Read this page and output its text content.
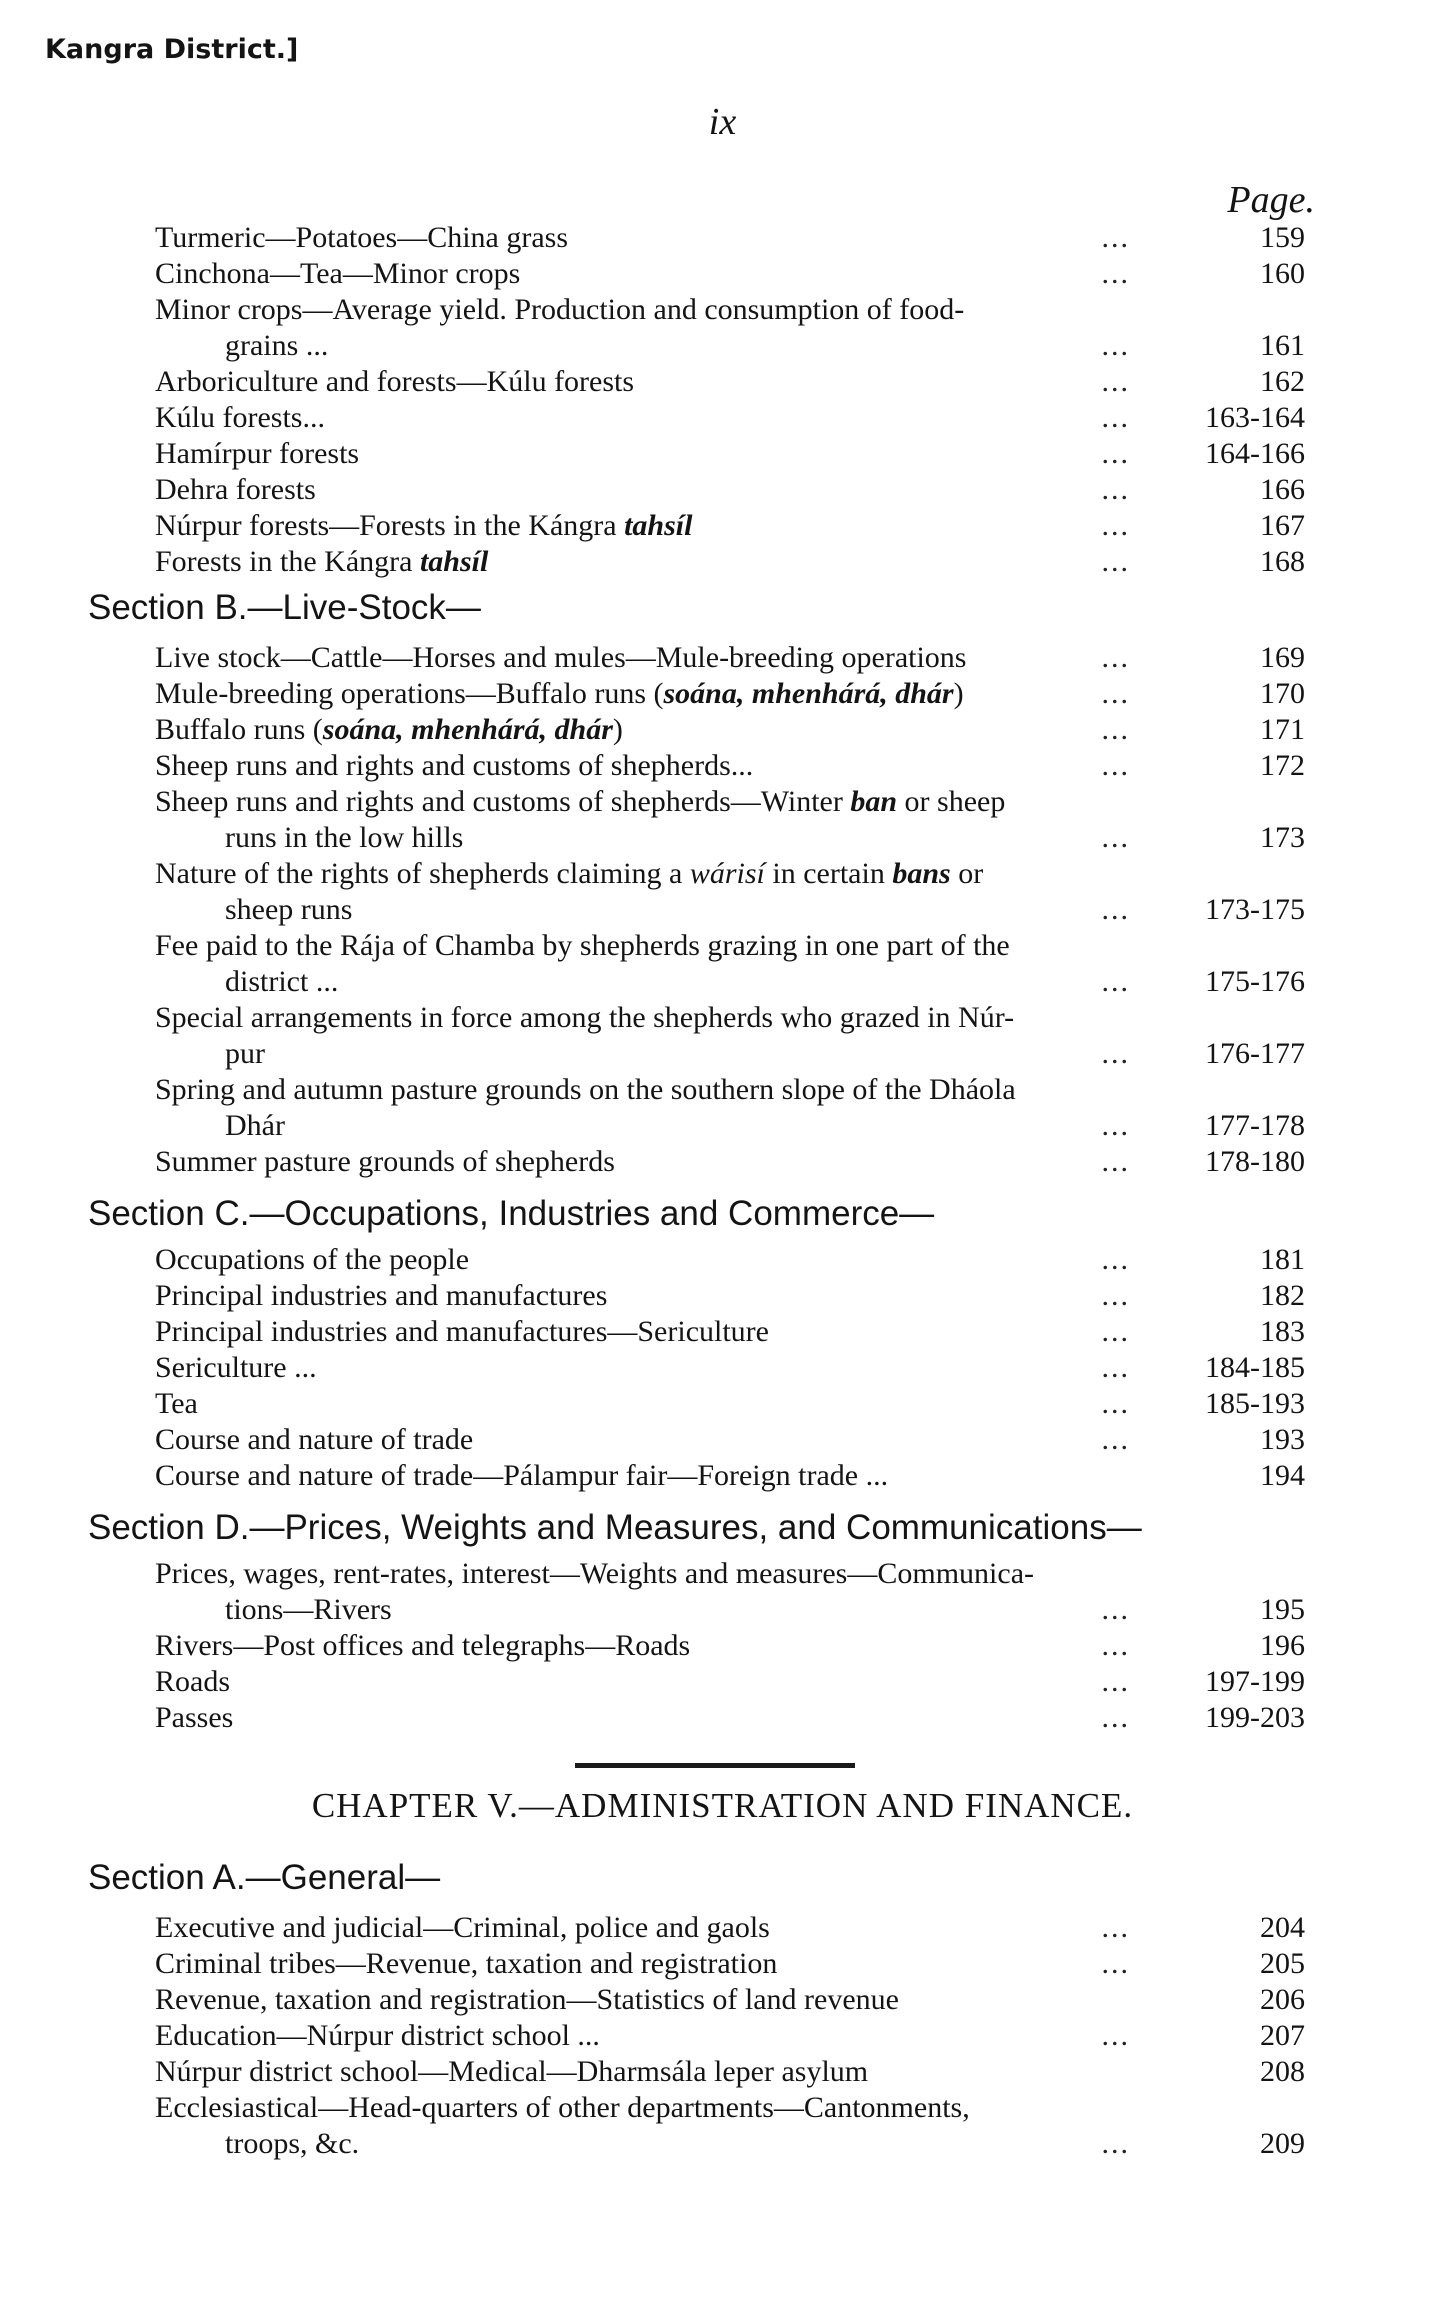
Kangra District.]
ix
Page.
Turmeric—Potatoes—China grass	...	159
Cinchona—Tea—Minor crops	...	160
Minor crops—Average yield. Production and consumption of food-
grains ...	...	161
Arboriculture and forests—Kúlu forests	...	162
Kúlu forests...	...	163-164
Hamírpur forests	...	164-166
Dehra forests	...	166
Núrpur forests—Forests in the Kángra tahsíl	...	167
Forests in the Kángra tahsíl	...	168
Section B.—Live-Stock—
Live stock—Cattle—Horses and mules—Mule-breeding operations	...	169
Mule-breeding operations—Buffalo runs (soána, mhenhárá, dhár)	...	170
Buffalo runs (soána, mhenhárá, dhár)	...	171
Sheep runs and rights and customs of shepherds...	...	172
Sheep runs and rights and customs of shepherds—Winter ban or sheep
runs in the low hills	...	173
Nature of the rights of shepherds claiming a wárisí in certain bans or
sheep runs	...	173-175
Fee paid to the Rája of Chamba by shepherds grazing in one part of the
district ...	...	175-176
Special arrangements in force among the shepherds who grazed in Núr-
pur	...	176-177
Spring and autumn pasture grounds on the southern slope of the Dháola
Dhár	...	177-178
Summer pasture grounds of shepherds	...	178-180
Section C.—Occupations, Industries and Commerce—
Occupations of the people	...	181
Principal industries and manufactures	...	182
Principal industries and manufactures—Sericulture	...	183
Sericulture ...	...	184-185
Tea	...	185-193
Course and nature of trade	...	193
Course and nature of trade—Pálampur fair—Foreign trade ...	194
Section D.—Prices, Weights and Measures, and Communications—
Prices, wages, rent-rates, interest—Weights and measures—Communica-
tions—Rivers	...	195
Rivers—Post offices and telegraphs—Roads	...	196
Roads	...	197-199
Passes	...	199-203
CHAPTER V.—ADMINISTRATION AND FINANCE.
Section A.—General—
Executive and judicial—Criminal, police and gaols	...	204
Criminal tribes—Revenue, taxation and registration	...	205
Revenue, taxation and registration—Statistics of land revenue	206
Education—Núrpur district school ...	...	207
Núrpur district school—Medical—Dharmsála leper asylum	208
Ecclesiastical—Head-quarters of other departments—Cantonments,
troops, &c.	...	209
